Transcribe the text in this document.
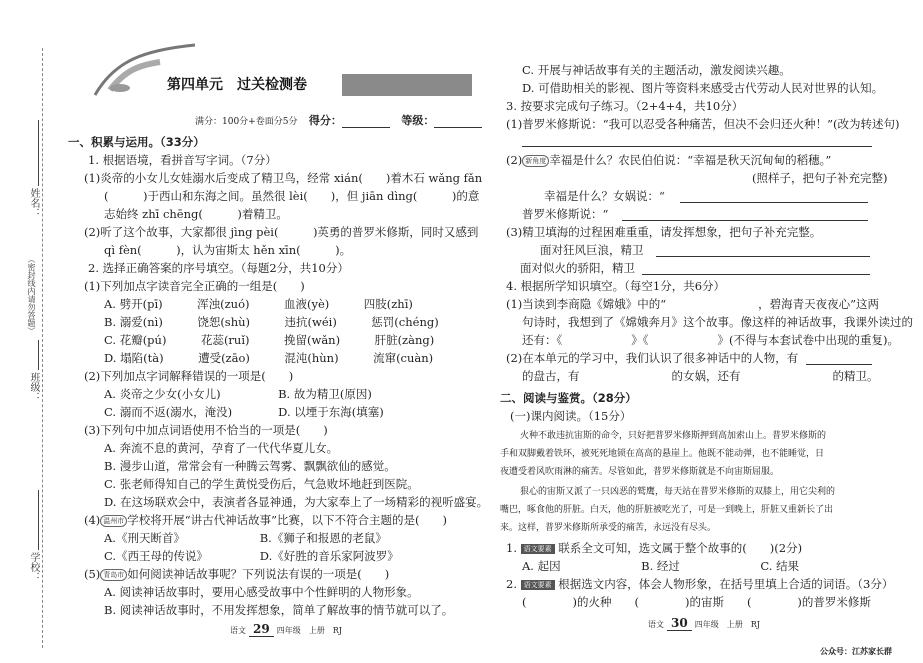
姓名：
（密封线内请勿答题）
班级：
学校：
第四单元　过关检测卷
满分：100分+卷面分5分 得分：	等级：
一、积累与运用。（33分）
1. 根据语境，看拼音写字词。（7分）
(1)炎帝的小女儿女娃溺水后变成了精卫鸟，经常 xián(　　)着木石 wǎng fǎn
(　　　)于西山和东海之间。虽然很 lèi(　　)，但 jiān dìng(　　　)的意
志始终 zhī chēng(　　　)着精卫。
(2)听了这个故事，大家都很 jìng pèi(　　　)英勇的普罗米修斯，同时又感到
qì fèn(　　　)，认为宙斯太 hěn xīn(　　　)。
2. 选择正确答案的序号填空。（每题2分，共10分）
(1)下列加点字读音完全正确的一组是(　　)
A. 劈开(pī)　　　浑浊(zuó)　　　血液(yè)　　　四肢(zhī)
B. 溺爱(nì)　　　饶恕(shù)　　　违抗(wéi)　　　惩罚(chéng)
C. 花瓣(pú)　　　花蕊(ruǐ)　　　挽留(wǎn)　　　肝脏(zàng)
D. 塌陷(tà)　　　遭受(zāo)　　　混沌(hùn)　　　流窜(cuàn)
(2)下列加点字词解释错误的一项是(　　)
A. 炎帝之少女(小女儿)　　　　　B. 故为精卫(原因)
C. 溺而不返(溺水，淹没)　　　　D. 以堙于东海(填塞)
(3)下列句中加点词语使用不恰当的一项是(　　)
A. 奔流不息的黄河，孕育了一代代华夏儿女。
B. 漫步山道，常常会有一种腾云驾雾、飘飘欲仙的感觉。
C. 张老师得知自己的学生黄悦受伤后，气急败坏地赶到医院。
D. 在这场联欢会中，表演者各显神通，为大家奉上了一场精彩的视听盛宴。
(4) 温州市 学校将开展“讲古代神话故事”比赛，以下不符合主题的是(　　)
A.《刑天断首》　　　　　　　B.《狮子和报恩的老鼠》
C.《西王母的传说》　　　　　D.《好胜的音乐家阿波罗》
(5) 青岛市 如何阅读神话故事呢？下列说法有误的一项是(　　)
A. 阅读神话故事时，要用心感受故事中个性鲜明的人物形象。
B. 阅读神话故事时，不用发挥想象，简单了解故事的情节就可以了。
语文 29 四年级　上册　RJ
C. 开展与神话故事有关的主题活动，激发阅读兴趣。
D. 可借助相关的影视、图片等资料来感受古代劳动人民对世界的认知。
3. 按要求完成句子练习。（2+4+4，共10分）
(1)普罗米修斯说：“我可以忍受各种痛苦，但决不会归还火种！”(改为转述句)
(2) 新角度 幸福是什么？农民伯伯说：“幸福是秋天沉甸甸的稻穗。”
(照样子，把句子补充完整)
幸福是什么？女娲说：“
普罗米修斯说：“
(3)精卫填海的过程困难重重，请发挥想象，把句子补充完整。
面对狂风巨浪，精卫
面对似火的骄阳，精卫
4. 根据所学知识填空。（每空1分，共6分）
(1)当读到李商隐《嫦娥》中的“　　　　　　　　，碧海青天夜夜心”这两
句诗时，我想到了《嫦娥奔月》这个故事。像这样的神话故事，我课外读过的
还有：《　　　　　　》《　　　　　　》(不得与本套试卷中出现的重复)。
(2)在本单元的学习中，我们认识了很多神话中的人物，有
的盘古，有　　　　　　　　的女娲，还有　　　　　　　　的精卫。
二、阅读与鉴赏。（28分）
(一)课内阅读。（15分）
火种不敢违抗宙斯的命令，只好把普罗米修斯押到高加索山上。普罗米修斯的
手和双脚戴着铁环，被死死地锁在高高的悬崖上。他既不能动弹，也不能睡觉，日
夜遭受着风吹雨淋的痛苦。尽管如此，普罗米修斯就是不向宙斯屈服。
狠心的宙斯又派了一只凶恶的鹫鹰，每天站在普罗米修斯的双膝上，用它尖利的
嘴巴，啄食他的肝脏。白天，他的肝脏被吃光了，可是一到晚上，肝脏又重新长了出
来。这样，普罗米修斯所承受的痛苦，永远没有尽头。
1. 语文要素 联系全文可知，选文属于整个故事的(　　)(2分)
A. 起因　　　　　　　B. 经过　　　　　　　C. 结果
2. 语文要素 根据选文内容，体会人物形象，在括号里填上合适的词语。（3分）
(　　　　)的火种　　(　　　　)的宙斯　　(　　　　)的普罗米修斯
语文 30 四年级　上册　RJ
公众号：江苏家长群
